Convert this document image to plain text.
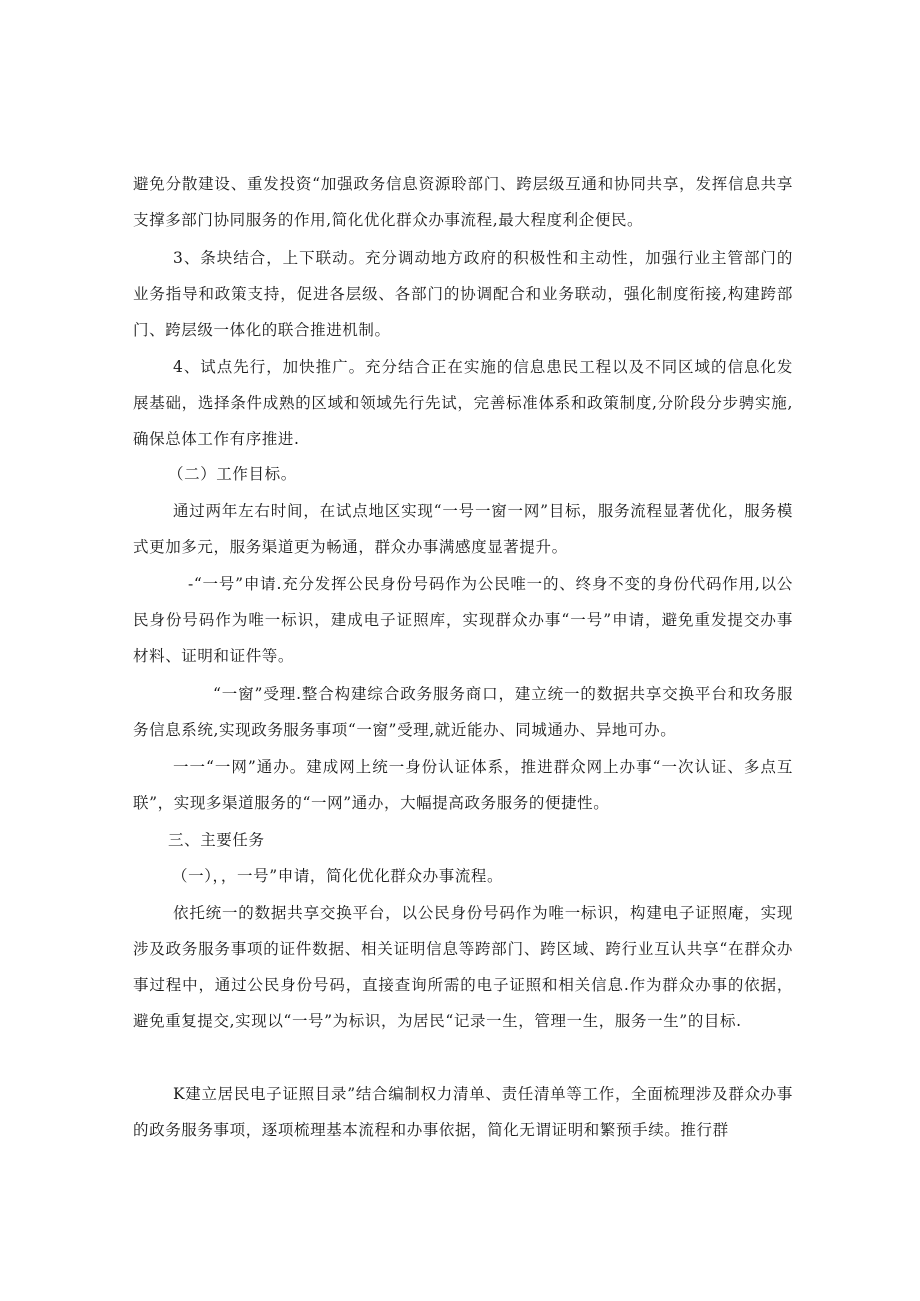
避免分散建设、重发投资“加强政务信息资源聆部门、跨层级互通和协同共享，发挥信息共享支撑多部门协同服务的作用,简化优化群众办事流程,最大程度利企便民。

3、条块结合，上下联动。充分调动地方政府的积极性和主动性，加强行业主管部门的业务指导和政策支持，促进各层级、各部门的协调配合和业务联动，强化制度衔接,构建跨部门、跨层级一体化的联合推进机制。

4、试点先行，加快推广。充分结合正在实施的信息患民工程以及不同区域的信息化发展基础，选择条件成熟的区域和领域先行先试，完善标准体系和政策制度,分阶段分步骋实施,确保总体工作有序推进.

（二）工作目标。

通过两年左右时间，在试点地区实现“一号一窗一网”目标，服务流程显著优化，服务模式更加多元，服务渠道更为畅通，群众办事满感度显著提升。

-“一号”申请.充分发挥公民身份号码作为公民唯一的、终身不变的身份代码作用,以公民身份号码作为唯一标识，建成电子证照库，实现群众办事“一号”申请，避免重发提交办事材料、证明和证件等。

“一窗”受理.整合构建综合政务服务商口，建立统一的数据共享交换平台和玫务服务信息系统,实现政务服务事项“一窗”受理,就近能办、同城通办、异地可办。

一一“一网”通办。建成网上统一身份认证体系，推进群众网上办事“一次认证、多点互联”，实现多渠道服务的“一网”通办，大幅提高政务服务的便捷性。

三、主要任务

（一），，一号”申请，简化优化群众办事流程。

依托统一的数据共享交换平台，以公民身份号码作为唯一标识，构建电子证照庵，实现涉及政务服务事项的证件数据、相关证明信息等跨部门、跨区域、跨行业互认共享“在群众办事过程中，通过公民身份号码，直接查询所需的电子证照和相关信息.作为群众办事的依据，避免重复提交,实现以“一号”为标识，为居民“记录一生，管理一生，服务一生”的目标.

K建立居民电子证照目录”结合编制权力清单、责任清单等工作，全面梳理涉及群众办事的政务服务事项，逐项梳理基本流程和办事依据，简化无谓证明和繁预手续。推行群
